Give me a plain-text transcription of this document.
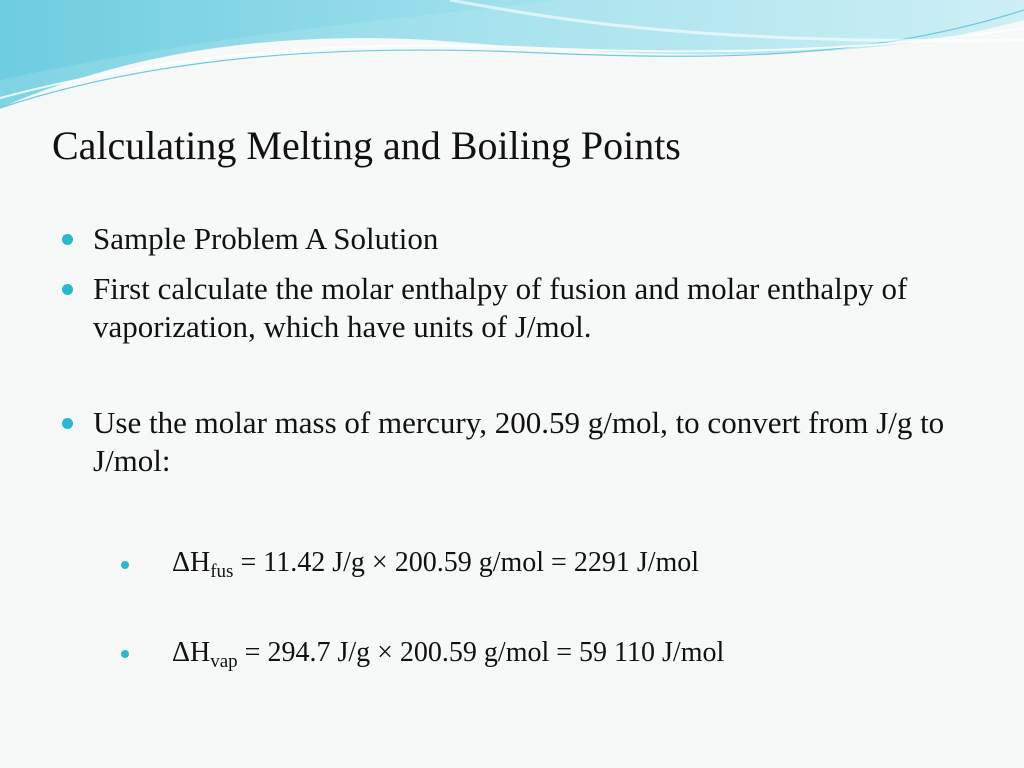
Calculating Melting and Boiling Points
Sample Problem A Solution
First calculate the molar enthalpy of fusion and molar enthalpy of vaporization, which have units of J/mol.
Use the molar mass of mercury, 200.59 g/mol, to convert from J/g to J/mol:
$\Delta H_{fus} = 11.42$ J/g × 200.59 g/mol = 2291 J/mol
$\Delta H_{vap} = 294.7$ J/g × 200.59 g/mol = 59 110 J/mol
